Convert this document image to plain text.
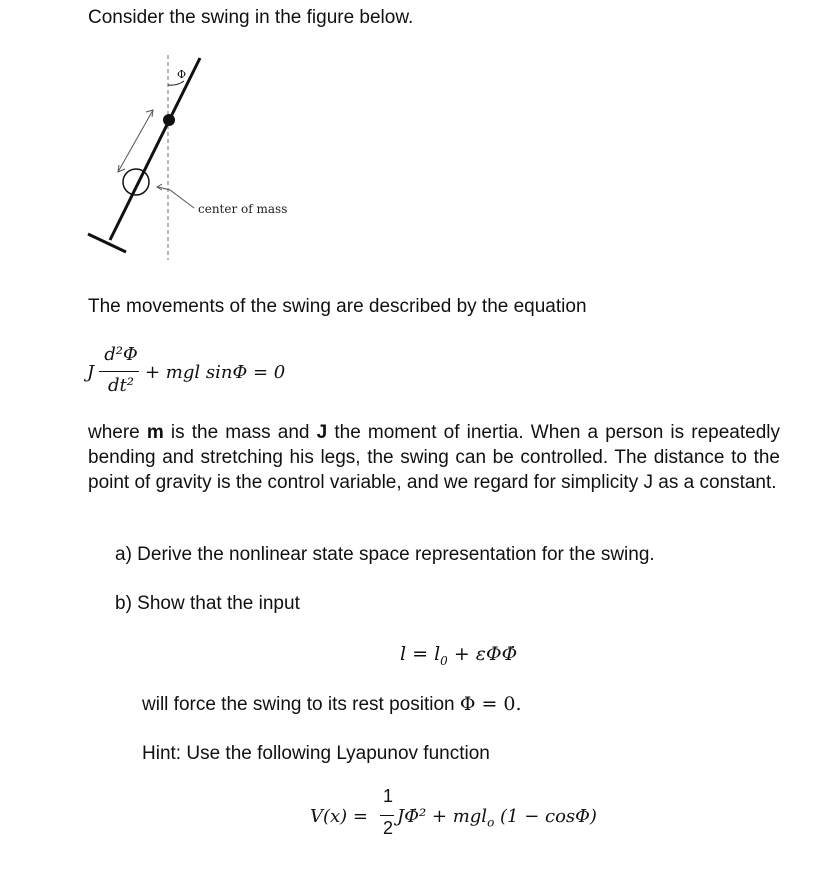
Consider the swing in the figure below.
Φ
center of mass
The movements of the swing are described by the equation
J
d²Φ
dt²
+ mgl sinΦ = 0
where m is the mass and J the moment of inertia. When a person is repeatedly bending and stretching his legs, the swing can be controlled. The distance to the point of gravity is the control variable, and we regard for simplicity J as a constant.
a) Derive the nonlinear state space representation for the swing.
b) Show that the input
$l = l_0$ + εΦΦ̇
will force the swing to its rest position Φ = 0.
Hint: Use the following Lyapunov function
V(x) =
1
2
JΦ̇² + mgl$_o$ (1 − cosΦ)
